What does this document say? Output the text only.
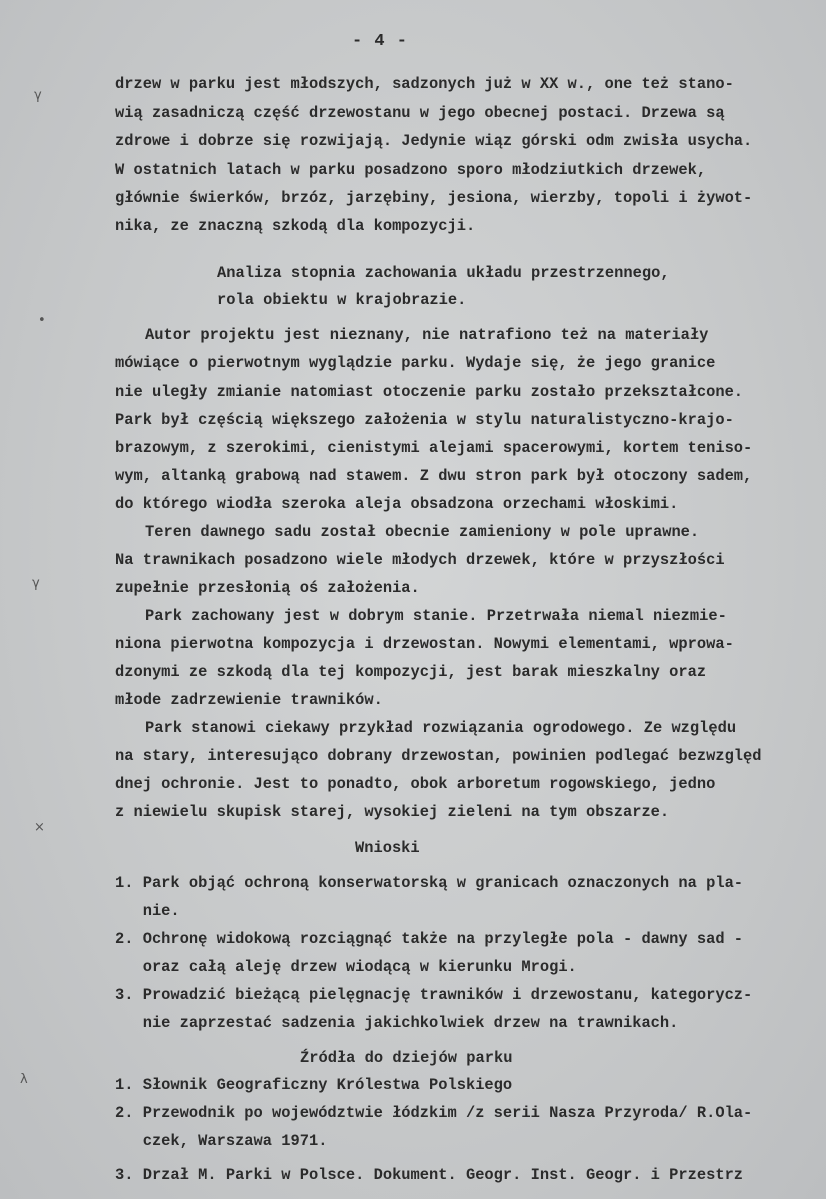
- 4 -
drzew w parku jest młodszych, sadzonych już w XX w., one też stano-
wią zasadniczą część drzewostanu w jego obecnej postaci. Drzewa są
zdrowe i dobrze się rozwijają. Jedynie wiąz górski odm zwisła usycha.
W ostatnich latach w parku posadzono sporo młodziutkich drzewek,
głównie świerków, brzóz, jarzębiny, jesiona, wierzby, topoli i żywot-
nika, ze znaczną szkodą dla kompozycji.
Analiza stopnia zachowania układu przestrzennego,
rola obiektu w krajobrazie.
Autor projektu jest nieznany, nie natrafiono też na materiały
mówiące o pierwotnym wyglądzie parku. Wydaje się, że jego granice
nie uległy zmianie natomiast otoczenie parku zostało przekształcone.
Park był częścią większego założenia w stylu naturalistyczno-krajo-
brazowym, z szerokimi, cienistymi alejami spacerowymi, kortem teniso-
wym, altanką grabową nad stawem. Z dwu stron park był otoczony sadem,
do którego wiodła szeroka aleja obsadzona orzechami włoskimi.
Teren dawnego sadu został obecnie zamieniony w pole uprawne.
Na trawnikach posadzono wiele młodych drzewek, które w przyszłości
zupełnie przesłonią oś założenia.
Park zachowany jest w dobrym stanie. Przetrwała niemal niezmie-
niona pierwotna kompozycja i drzewostan. Nowymi elementami, wprowa-
dzonymi ze szkodą dla tej kompozycji, jest barak mieszkalny oraz
młode zadrzewienie trawników.
Park stanowi ciekawy przykład rozwiązania ogrodowego. Ze względu
na stary, interesująco dobrany drzewostan, powinien podlegać bezwzględ
dnej ochronie. Jest to ponadto, obok arboretum rogowskiego, jedno
z niewielu skupisk starej, wysokiej zieleni na tym obszarze.
Wnioski
1. Park objąć ochroną konserwatorską w granicach oznaczonych na pla-
nie.
2. Ochronę widokową rozciągnąć także na przyległe pola - dawny sad -
oraz całą aleję drzew wiodącą w kierunku Mrogi.
3. Prowadzić bieżącą pielęgnację trawników i drzewostanu, kategorycz-
nie zaprzestać sadzenia jakichkolwiek drzew na trawnikach.
Źródła do dziejów parku
1. Słownik Geograficzny Królestwa Polskiego
2. Przewodnik po województwie łódzkim /z serii Nasza Przyroda/ R.Ola-
czek, Warszawa 1971.
3. Drzał M. Parki w Polsce. Dokument. Geogr. Inst. Geogr. i Przestrz
γ
•
γ
×
λ
